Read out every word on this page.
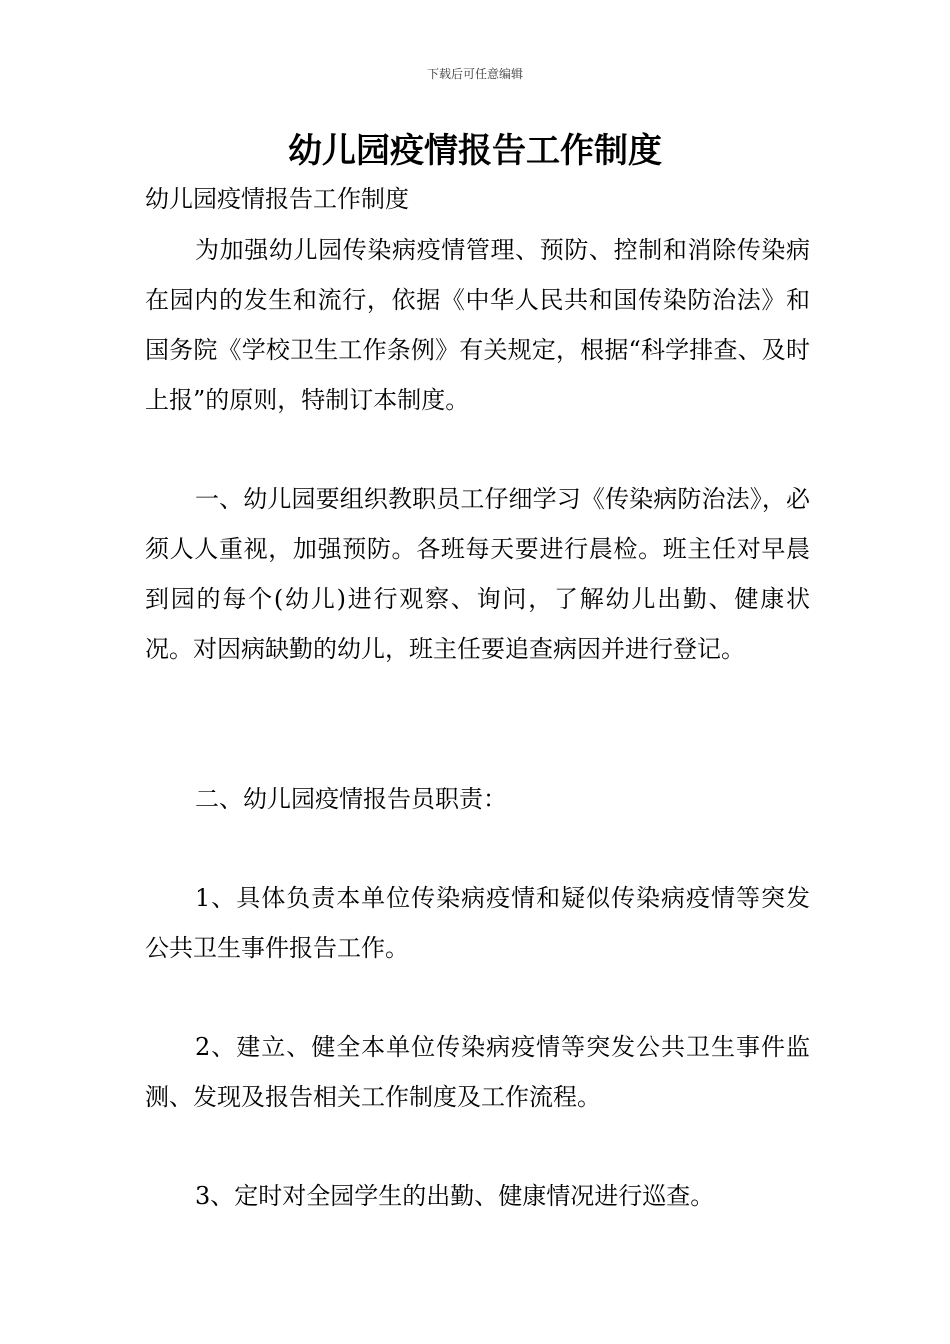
下载后可任意编辑
幼儿园疫情报告工作制度

幼儿园疫情报告工作制度

为加强幼儿园传染病疫情管理、预防、控制和消除传染病在园内的发生和流行，依据《中华人民共和国传染防治法》和国务院《学校卫生工作条例》有关规定，根据“科学排查、及时上报”的原则，特制订本制度。

一、幼儿园要组织教职员工仔细学习《传染病防治法》，必须人人重视，加强预防。各班每天要进行晨检。班主任对早晨到园的每个(幼儿)进行观察、询问，了解幼儿出勤、健康状况。对因病缺勤的幼儿，班主任要追查病因并进行登记。

二、幼儿园疫情报告员职责：

1、具体负责本单位传染病疫情和疑似传染病疫情等突发公共卫生事件报告工作。

2、建立、健全本单位传染病疫情等突发公共卫生事件监测、发现及报告相关工作制度及工作流程。

3、定时对全园学生的出勤、健康情况进行巡查。
